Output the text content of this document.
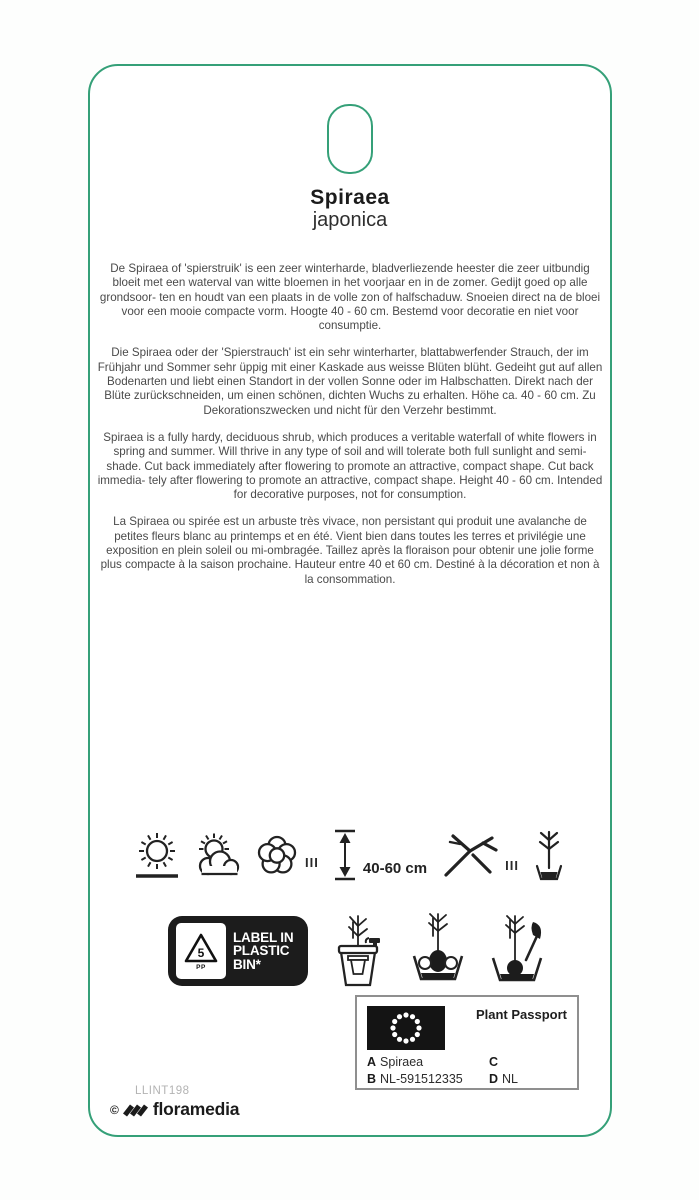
Spiraea
japonica

De Spiraea of 'spierstruik' is een zeer winterharde, bladverliezende heester die zeer uitbundig bloeit met een waterval van witte bloemen in het voorjaar en in de zomer. Gedijt goed op alle grondsoor- ten en houdt van een plaats in de volle zon of halfschaduw. Snoeien direct na de bloei voor een mooie compacte vorm. Hoogte 40 - 60 cm. Bestemd voor decoratie en niet voor consumptie.

Die Spiraea oder der 'Spierstrauch' ist ein sehr winterharter, blattabwerfender Strauch, der im Frühjahr und Sommer sehr üppig mit einer Kaskade aus weisse Blüten blüht. Gedeiht gut auf allen Bodenarten und liebt einen Standort in der vollen Sonne oder im Halbschatten. Direkt nach der Blüte zurückschneiden, um einen schönen, dichten Wuchs zu erhalten. Höhe ca. 40 - 60 cm. Zu Dekorationszwecken und nicht für den Verzehr bestimmt.

Spiraea is a fully hardy, deciduous shrub, which produces a veritable waterfall of white flowers in spring and summer. Will thrive in any type of soil and will tolerate both full sunlight and semi-shade. Cut back immediately after flowering to promote an attractive, compact shape. Cut back immedia- tely after flowering to promote an attractive, compact shape. Height 40 - 60 cm. Intended for decorative purposes, not for consumption.

La Spiraea ou spirée est un arbuste très vivace, non persistant qui produit une avalanche de petites fleurs blanc au printemps et en été. Vient bien dans toutes les terres et privilégie une exposition en plein soleil ou mi-ombragée. Taillez après la floraison pour obtenir une jolie forme plus compacte à la saison prochaine. Hauteur entre 40 et 60 cm. Destiné à la décoration et non à la consommation.

III	40-60 cm	III
5
PP
LABEL IN
PLASTIC
BIN*
Plant Passport
A Spiraea	C
B NL-591512335 D NL
LLINT198
© floramedia
